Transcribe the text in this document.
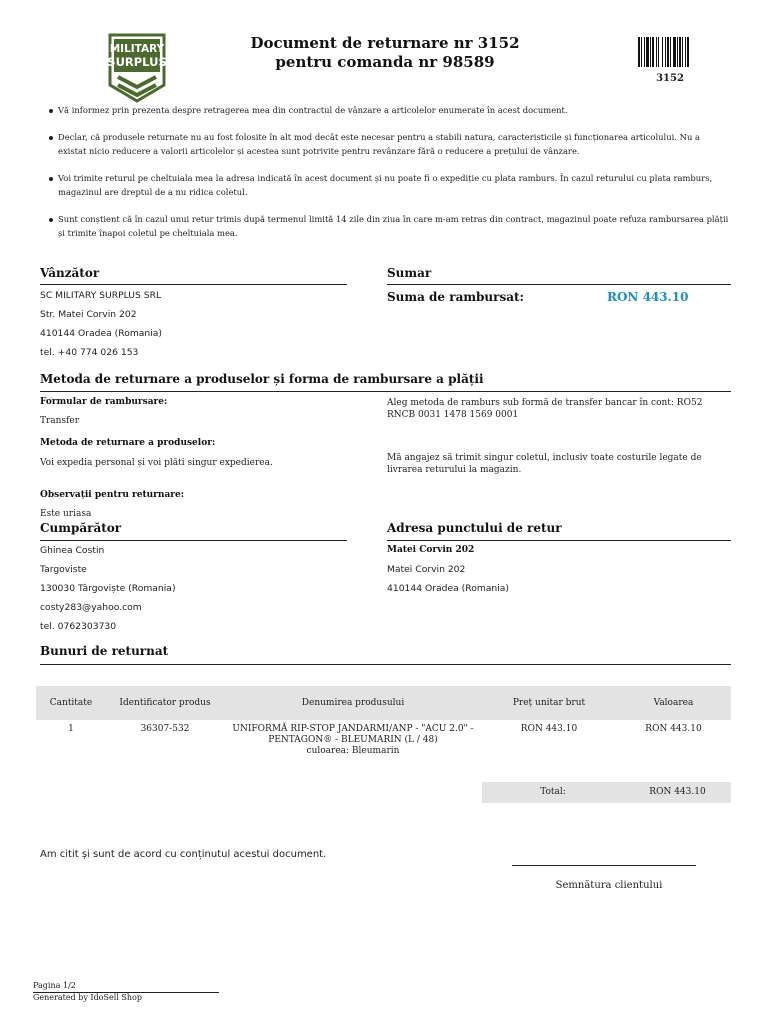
MILITARY
SURPLUS
Document de returnare nr 3152
pentru comanda nr 98589
3152
Vă informez prin prezenta despre retragerea mea din contractul de vânzare a articolelor enumerate în acest document.
Declar, că produsele returnate nu au fost folosite în alt mod decât este necesar pentru a stabili natura, caracteristicile și funcționarea articolului. Nu a existat nicio reducere a valorii articolelor și acestea sunt potrivite pentru revânzare fără o reducere a prețului de vânzare.
Voi trimite returul pe cheltuiala mea la adresa indicată în acest document și nu poate fi o expediție cu plata ramburs. În cazul returului cu plata ramburs, magazinul are dreptul de a nu ridica coletul.
Sunt conștient că în cazul unui retur trimis după termenul limită 14 zile din ziua în care m-am retras din contract, magazinul poate refuza rambursarea plății și trimite înapoi coletul pe cheltuiala mea.
Vânzător
SC MILITARY SURPLUS SRL
Str. Matei Corvin 202
410144 Oradea (Romania)
tel. +40 774 026 153
Sumar
Suma de rambursat:	RON 443.10
Metoda de returnare a produselor și forma de rambursare a plății
Formular de rambursare:
Transfer
Metoda de returnare a produselor:
Voi expedia personal și voi plăti singur expedierea.
Observații pentru returnare:
Este uriasa
Aleg metoda de ramburs sub formă de transfer bancar în cont: RO52 RNCB 0031 1478 1569 0001
Mă angajez să trimit singur coletul, inclusiv toate costurile legate de livrarea returului la magazin.
Cumpărător
Ghinea Costin
Targoviste
130030 Târgoviște (Romania)
costy283@yahoo.com
tel. 0762303730
Adresa punctului de retur
Matei Corvin 202
Matei Corvin 202
410144 Oradea (Romania)
Bunuri de returnat
Cantitate	Identificator produs	Denumirea produsului	Preț unitar brut	Valoarea
1	36307-532	UNIFORMĂ RIP-STOP JANDARMI/ANP - "ACU 2.0" -
PENTAGON® - BLEUMARIN (L / 48)
culoarea: Bleumarin	RON 443.10	RON 443.10
Total:	RON 443.10
Am citit și sunt de acord cu conținutul acestui document.
Semnătura clientului
Pagina 1/2
Generated by IdoSell Shop
